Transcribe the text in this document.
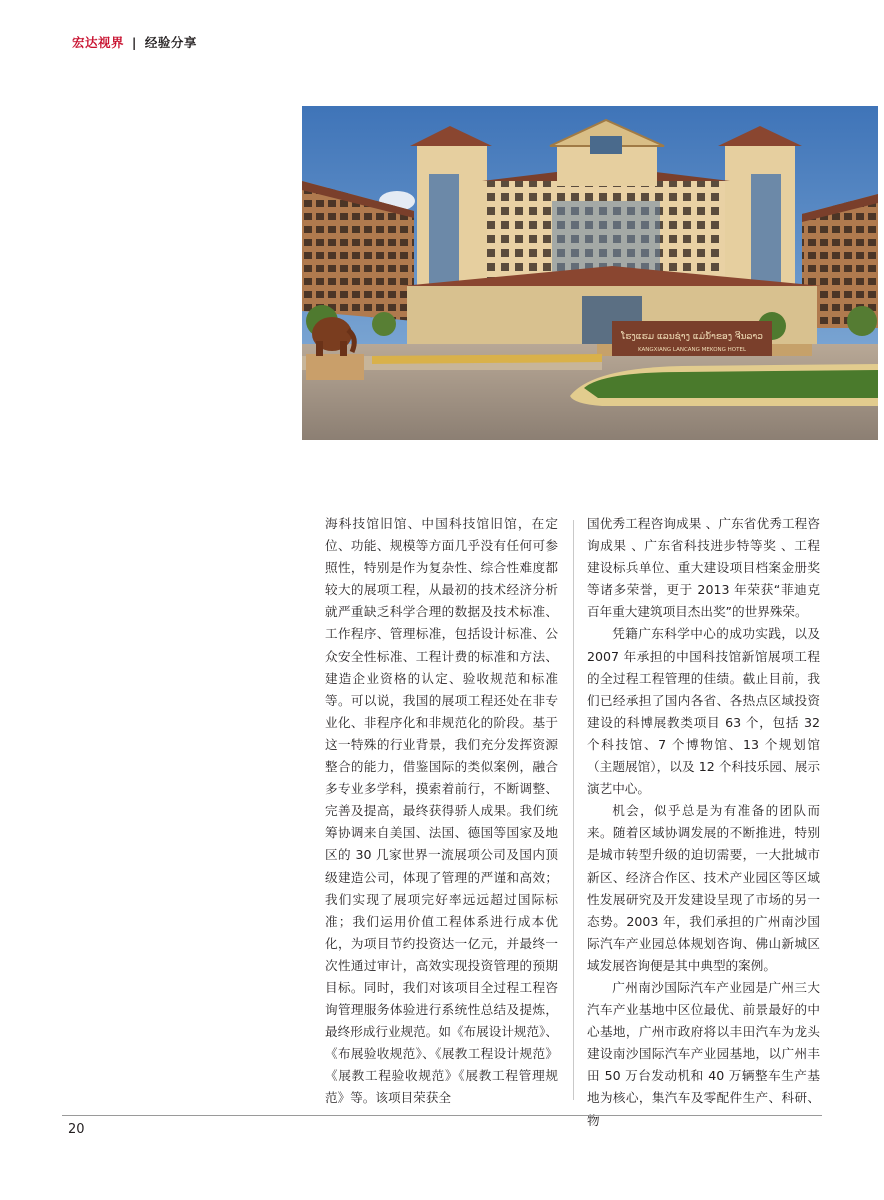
宏达视界 | 经验分享
ໂຮງແຮມ ແລນຊ່າງ ແມ່ນໍ້າຂອງ ຈີນລາວ
KANGXIANG LANCANG MEKONG HOTEL

海科技馆旧馆、中国科技馆旧馆，在定位、功能、规模等方面几乎没有任何可参照性，特别是作为复杂性、综合性难度都较大的展项工程，从最初的技术经济分析就严重缺乏科学合理的数据及技术标准、工作程序、管理标准，包括设计标准、公众安全性标准、工程计费的标准和方法、建造企业资格的认定、验收规范和标准等。可以说，我国的展项工程还处在非专业化、非程序化和非规范化的阶段。基于这一特殊的行业背景，我们充分发挥资源整合的能力，借鉴国际的类似案例，融合多专业多学科，摸索着前行，不断调整、完善及提高，最终获得骄人成果。我们统筹协调来自美国、法国、德国等国家及地区的 30 几家世界一流展项公司及国内顶级建造公司，体现了管理的严谨和高效；我们实现了展项完好率远远超过国际标准；我们运用价值工程体系进行成本优化，为项目节约投资达一亿元，并最终一次性通过审计，高效实现投资管理的预期目标。同时，我们对该项目全过程工程咨询管理服务体验进行系统性总结及提炼，最终形成行业规范。如《布展设计规范》、《布展验收规范》、《展教工程设计规范》《展教工程验收规范》《展教工程管理规范》等。该项目荣获全

国优秀工程咨询成果 、广东省优秀工程咨询成果 、广东省科技进步特等奖 、工程建设标兵单位、重大建设项目档案金册奖等诸多荣誉，更于 2013 年荣获“菲迪克百年重大建筑项目杰出奖”的世界殊荣。

凭籍广东科学中心的成功实践，以及 2007 年承担的中国科技馆新馆展项工程的全过程工程管理的佳绩。截止目前，我们已经承担了国内各省、各热点区域投资建设的科博展教类项目 63 个，包括 32 个科技馆、7 个博物馆、13 个规划馆（主题展馆），以及 12 个科技乐园、展示演艺中心。

机会，似乎总是为有准备的团队而来。随着区域协调发展的不断推进，特别是城市转型升级的迫切需要，一大批城市新区、经济合作区、技术产业园区等区域性发展研究及开发建设呈现了市场的另一态势。2003 年，我们承担的广州南沙国际汽车产业园总体规划咨询、佛山新城区域发展咨询便是其中典型的案例。

广州南沙国际汽车产业园是广州三大汽车产业基地中区位最优、前景最好的中心基地，广州市政府将以丰田汽车为龙头建设南沙国际汽车产业园基地，以广州丰田 50 万台发动机和 40 万辆整车生产基地为核心，集汽车及零配件生产、科研、物

20
